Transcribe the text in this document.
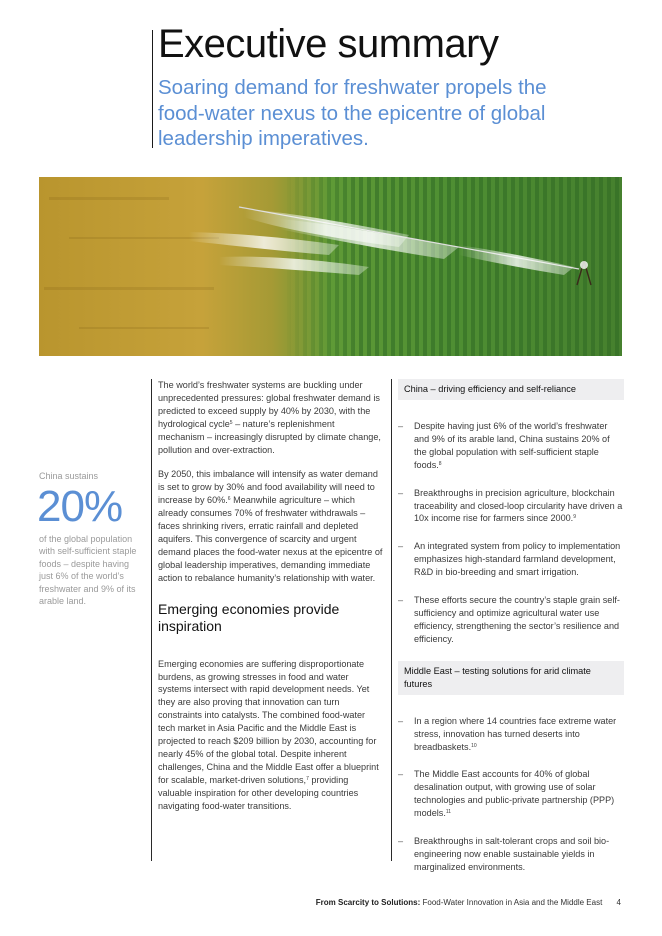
Executive summary

Soaring demand for freshwater propels the food-water nexus to the epicentre of global leadership imperatives.

China sustains
20%
of the global population with self-sufficient staple foods – despite having just 6% of the world’s freshwater and 9% of its arable land.

The world’s freshwater systems are buckling under unprecedented pressures: global freshwater demand is predicted to exceed supply by 40% by 2030, with the hydrological cycle$^5$ – nature’s replenishment mechanism – increasingly disrupted by climate change, pollution and over-extraction.

By 2050, this imbalance will intensify as water demand is set to grow by 30% and food availability will need to increase by 60%.$^6$ Meanwhile agriculture – which already consumes 70% of freshwater withdrawals – faces shrinking rivers, erratic rainfall and depleted aquifers. This convergence of scarcity and urgent demand places the food-water nexus at the epicentre of global leadership imperatives, demanding immediate action to rebalance humanity’s relationship with water.

Emerging economies provide inspiration

Emerging economies are suffering disproportionate burdens, as growing stresses in food and water systems intersect with rapid development needs. Yet they are also proving that innovation can turn constraints into catalysts. The combined food-water tech market in Asia Pacific and the Middle East is projected to reach $209 billion by 2030, accounting for nearly 45% of the global total. Despite inherent challenges, China and the Middle East offer a blueprint for scalable, market-driven solutions,$^7$ providing valuable inspiration for other developing countries navigating food-water transitions.

China – driving efficiency and self-reliance
– Despite having just 6% of the world’s freshwater and 9% of its arable land, China sustains 20% of the global population with self-sufficient staple foods.$^8$
– Breakthroughs in precision agriculture, blockchain traceability and closed-loop circularity have driven a 10x income rise for farmers since 2000.$^9$
– An integrated system from policy to implementation emphasizes high-standard farmland development, R&D in bio-breeding and smart irrigation.
– These efforts secure the country’s staple grain self-sufficiency and optimize agricultural water use efficiency, strengthening the sector’s resilience and efficiency.
Middle East – testing solutions for arid climate futures
– In a region where 14 countries face extreme water stress, innovation has turned deserts into breadbaskets.$^{10}$
– The Middle East accounts for 40% of global desalination output, with growing use of solar technologies and public-private partnership (PPP) models.$^{11}$
– Breakthroughs in salt-tolerant crops and soil bio-engineering now enable sustainable yields in marginalized environments.
From Scarcity to Solutions: Food-Water Innovation in Asia and the Middle East 4
